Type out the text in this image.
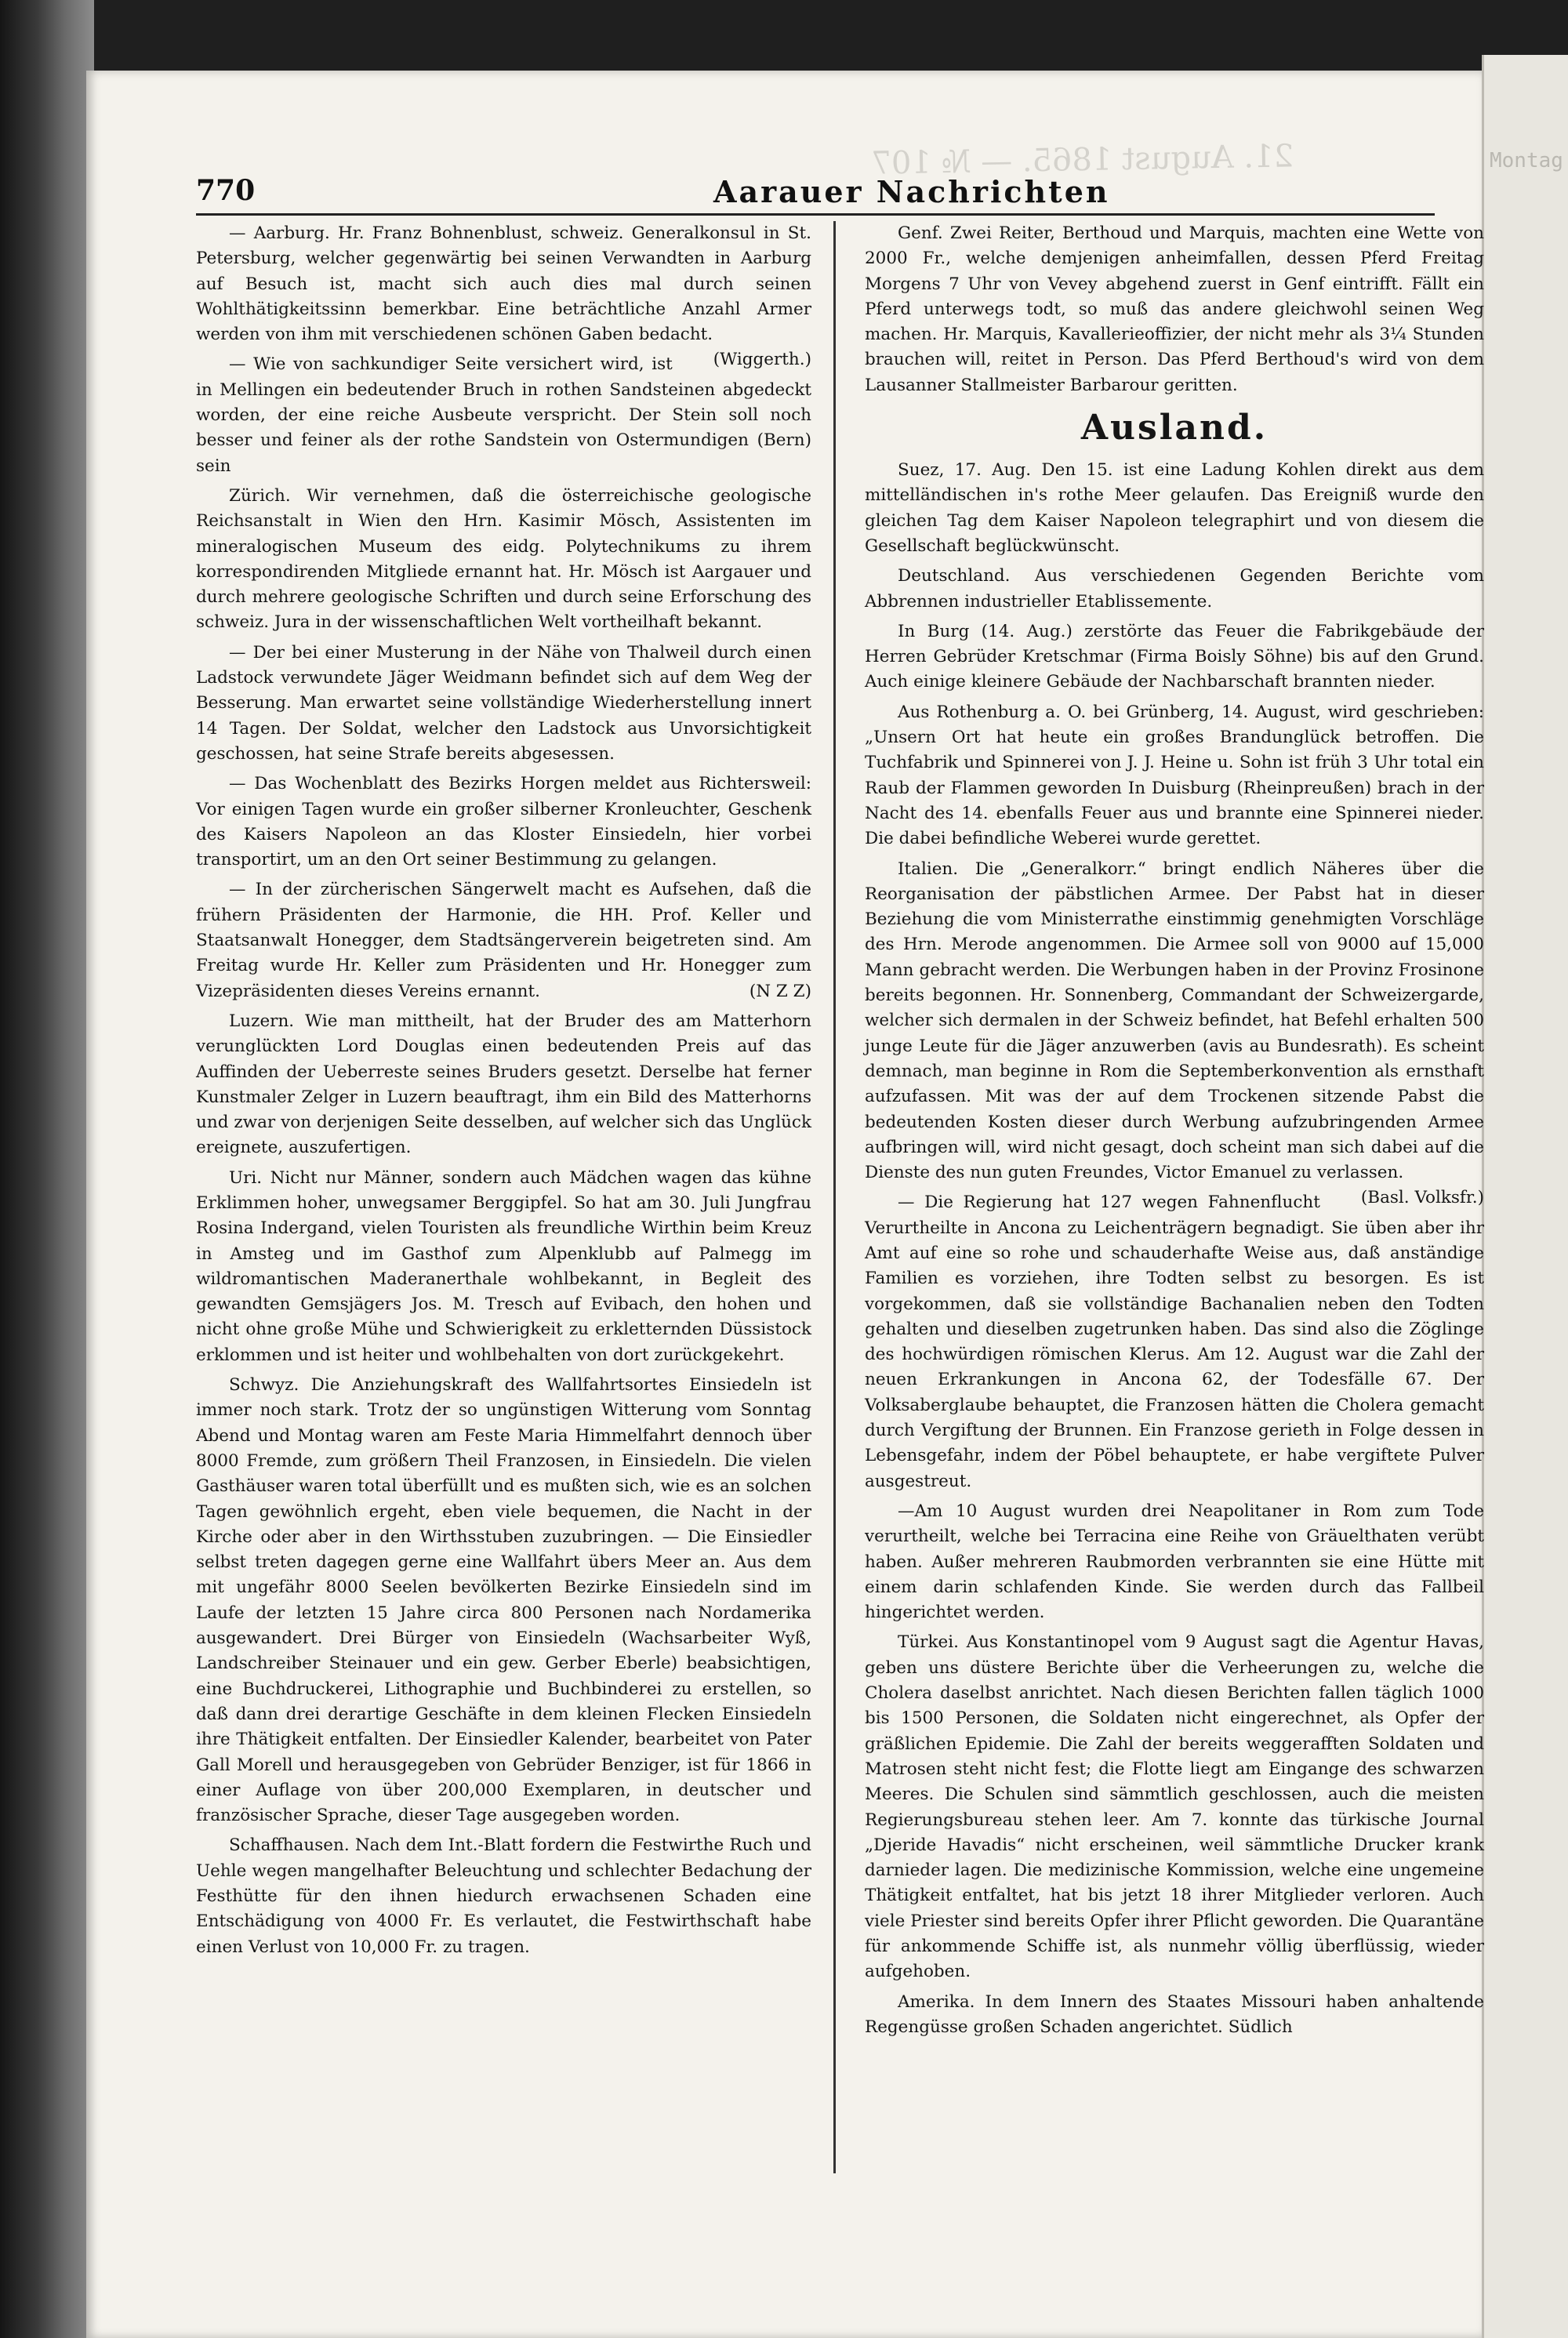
Montag
21. August 1865. — № 107
770	Aarauer Nachrichten

— Aarburg. Hr. Franz Bohnenblust, schweiz. Generalkonsul in St. Petersburg, welcher gegenwärtig bei seinen Verwandten in Aarburg auf Besuch ist, macht sich auch dies mal durch seinen Wohlthätigkeitssinn bemerkbar. Eine beträchtliche Anzahl Armer werden von ihm mit verschiedenen schönen Gaben bedacht.
(Wiggerth.)

— Wie von sachkundiger Seite versichert wird, ist in Mellingen ein bedeutender Bruch in rothen Sandsteinen abgedeckt worden, der eine reiche Ausbeute verspricht. Der Stein soll noch besser und feiner als der rothe Sandstein von Ostermundigen (Bern) sein

Zürich. Wir vernehmen, daß die österreichische geologische Reichsanstalt in Wien den Hrn. Kasimir Mösch, Assistenten im mineralogischen Museum des eidg. Polytechnikums zu ihrem korrespondirenden Mitgliede ernannt hat. Hr. Mösch ist Aargauer und durch mehrere geologische Schriften und durch seine Erforschung des schweiz. Jura in der wissenschaftlichen Welt vortheilhaft bekannt.

— Der bei einer Musterung in der Nähe von Thalweil durch einen Ladstock verwundete Jäger Weidmann befindet sich auf dem Weg der Besserung. Man erwartet seine vollständige Wiederherstellung innert 14 Tagen. Der Soldat, welcher den Ladstock aus Unvorsichtigkeit geschossen, hat seine Strafe bereits abgesessen.

— Das Wochenblatt des Bezirks Horgen meldet aus Richtersweil: Vor einigen Tagen wurde ein großer silberner Kronleuchter, Geschenk des Kaisers Napoleon an das Kloster Einsiedeln, hier vorbei transportirt, um an den Ort seiner Bestimmung zu gelangen.

— In der zürcherischen Sängerwelt macht es Aufsehen, daß die frühern Präsidenten der Harmonie, die HH. Prof. Keller und Staatsanwalt Honegger, dem Stadtsängerverein beigetreten sind. Am Freitag wurde Hr. Keller zum Präsidenten und Hr. Honegger zum Vizepräsidenten dieses Vereins ernannt.	(N Z Z)

Luzern. Wie man mittheilt, hat der Bruder des am Matterhorn verunglückten Lord Douglas einen bedeutenden Preis auf das Auffinden der Ueberreste seines Bruders gesetzt. Derselbe hat ferner Kunstmaler Zelger in Luzern beauftragt, ihm ein Bild des Matterhorns und zwar von derjenigen Seite desselben, auf welcher sich das Unglück ereignete, auszufertigen.

Uri. Nicht nur Männer, sondern auch Mädchen wagen das kühne Erklimmen hoher, unwegsamer Berggipfel. So hat am 30. Juli Jungfrau Rosina Indergand, vielen Touristen als freundliche Wirthin beim Kreuz in Amsteg und im Gasthof zum Alpenklubb auf Palmegg im wildromantischen Maderanerthale wohlbekannt, in Begleit des gewandten Gemsjägers Jos. M. Tresch auf Evibach, den hohen und nicht ohne große Mühe und Schwierigkeit zu erkletternden Düssistock erklommen und ist heiter und wohlbehalten von dort zurückgekehrt.

Schwyz. Die Anziehungskraft des Wallfahrtsortes Einsiedeln ist immer noch stark. Trotz der so ungünstigen Witterung vom Sonntag Abend und Montag waren am Feste Maria Himmelfahrt dennoch über 8000 Fremde, zum größern Theil Franzosen, in Einsiedeln. Die vielen Gasthäuser waren total überfüllt und es mußten sich, wie es an solchen Tagen gewöhnlich ergeht, eben viele bequemen, die Nacht in der Kirche oder aber in den Wirthsstuben zuzubringen. — Die Einsiedler selbst treten dagegen gerne eine Wallfahrt übers Meer an. Aus dem mit ungefähr 8000 Seelen bevölkerten Bezirke Einsiedeln sind im Laufe der letzten 15 Jahre circa 800 Personen nach Nordamerika ausgewandert. Drei Bürger von Einsiedeln (Wachsarbeiter Wyß, Landschreiber Steinauer und ein gew. Gerber Eberle) beabsichtigen, eine Buchdruckerei, Lithographie und Buchbinderei zu erstellen, so daß dann drei derartige Geschäfte in dem kleinen Flecken Einsiedeln ihre Thätigkeit entfalten. Der Einsiedler Kalender, bearbeitet von Pater Gall Morell und herausgegeben von Gebrüder Benziger, ist für 1866 in einer Auflage von über 200,000 Exemplaren, in deutscher und französischer Sprache, dieser Tage ausgegeben worden.

Schaffhausen. Nach dem Int.-Blatt fordern die Festwirthe Ruch und Uehle wegen mangelhafter Beleuchtung und schlechter Bedachung der Festhütte für den ihnen hiedurch erwachsenen Schaden eine Entschädigung von 4000 Fr. Es verlautet, die Festwirthschaft habe einen Verlust von 10,000 Fr. zu tragen.

Genf. Zwei Reiter, Berthoud und Marquis, machten eine Wette von 2000 Fr., welche demjenigen anheimfallen, dessen Pferd Freitag Morgens 7 Uhr von Vevey abgehend zuerst in Genf eintrifft. Fällt ein Pferd unterwegs todt, so muß das andere gleichwohl seinen Weg machen. Hr. Marquis, Kavallerieoffizier, der nicht mehr als 3¼ Stunden brauchen will, reitet in Person. Das Pferd Berthoud's wird von dem Lausanner Stallmeister Barbarour geritten.

Ausland.

Suez, 17. Aug. Den 15. ist eine Ladung Kohlen direkt aus dem mittelländischen in's rothe Meer gelaufen. Das Ereigniß wurde den gleichen Tag dem Kaiser Napoleon telegraphirt und von diesem die Gesellschaft beglückwünscht.

Deutschland. Aus verschiedenen Gegenden Berichte vom Abbrennen industrieller Etablissemente.

In Burg (14. Aug.) zerstörte das Feuer die Fabrikgebäude der Herren Gebrüder Kretschmar (Firma Boisly Söhne) bis auf den Grund. Auch einige kleinere Gebäude der Nachbarschaft brannten nieder.

Aus Rothenburg a. O. bei Grünberg, 14. August, wird geschrieben: „Unsern Ort hat heute ein großes Brandunglück betroffen. Die Tuchfabrik und Spinnerei von J. J. Heine u. Sohn ist früh 3 Uhr total ein Raub der Flammen geworden In Duisburg (Rheinpreußen) brach in der Nacht des 14. ebenfalls Feuer aus und brannte eine Spinnerei nieder. Die dabei befindliche Weberei wurde gerettet.

Italien. Die „Generalkorr.“ bringt endlich Näheres über die Reorganisation der päbstlichen Armee. Der Pabst hat in dieser Beziehung die vom Ministerrathe einstimmig genehmigten Vorschläge des Hrn. Merode angenommen. Die Armee soll von 9000 auf 15,000 Mann gebracht werden. Die Werbungen haben in der Provinz Frosinone bereits begonnen. Hr. Sonnenberg, Commandant der Schweizergarde, welcher sich dermalen in der Schweiz befindet, hat Befehl erhalten 500 junge Leute für die Jäger anzuwerben (avis au Bundesrath). Es scheint demnach, man beginne in Rom die Septemberkonvention als ernsthaft aufzufassen. Mit was der auf dem Trockenen sitzende Pabst die bedeutenden Kosten dieser durch Werbung aufzubringenden Armee aufbringen will, wird nicht gesagt, doch scheint man sich dabei auf die Dienste des nun guten Freundes, Victor Emanuel zu verlassen.
(Basl. Volksfr.)

— Die Regierung hat 127 wegen Fahnenflucht Verurtheilte in Ancona zu Leichenträgern begnadigt. Sie üben aber ihr Amt auf eine so rohe und schauderhafte Weise aus, daß anständige Familien es vorziehen, ihre Todten selbst zu besorgen. Es ist vorgekommen, daß sie vollständige Bachanalien neben den Todten gehalten und dieselben zugetrunken haben. Das sind also die Zöglinge des hochwürdigen römischen Klerus. Am 12. August war die Zahl der neuen Erkrankungen in Ancona 62, der Todesfälle 67. Der Volksaberglaube behauptet, die Franzosen hätten die Cholera gemacht durch Vergiftung der Brunnen. Ein Franzose gerieth in Folge dessen in Lebensgefahr, indem der Pöbel behauptete, er habe vergiftete Pulver ausgestreut.

—Am 10 August wurden drei Neapolitaner in Rom zum Tode verurtheilt, welche bei Terracina eine Reihe von Gräuelthaten verübt haben. Außer mehreren Raubmorden verbrannten sie eine Hütte mit einem darin schlafenden Kinde. Sie werden durch das Fallbeil hingerichtet werden.

Türkei. Aus Konstantinopel vom 9 August sagt die Agentur Havas, geben uns düstere Berichte über die Verheerungen zu, welche die Cholera daselbst anrichtet. Nach diesen Berichten fallen täglich 1000 bis 1500 Personen, die Soldaten nicht eingerechnet, als Opfer der gräßlichen Epidemie. Die Zahl der bereits weggerafften Soldaten und Matrosen steht nicht fest; die Flotte liegt am Eingange des schwarzen Meeres. Die Schulen sind sämmtlich geschlossen, auch die meisten Regierungsbureau stehen leer. Am 7. konnte das türkische Journal „Djeride Havadis“ nicht erscheinen, weil sämmtliche Drucker krank darnieder lagen. Die medizinische Kommission, welche eine ungemeine Thätigkeit entfaltet, hat bis jetzt 18 ihrer Mitglieder verloren. Auch viele Priester sind bereits Opfer ihrer Pflicht geworden. Die Quarantäne für ankommende Schiffe ist, als nunmehr völlig überflüssig, wieder aufgehoben.

Amerika. In dem Innern des Staates Missouri haben anhaltende Regengüsse großen Schaden angerichtet. Südlich
